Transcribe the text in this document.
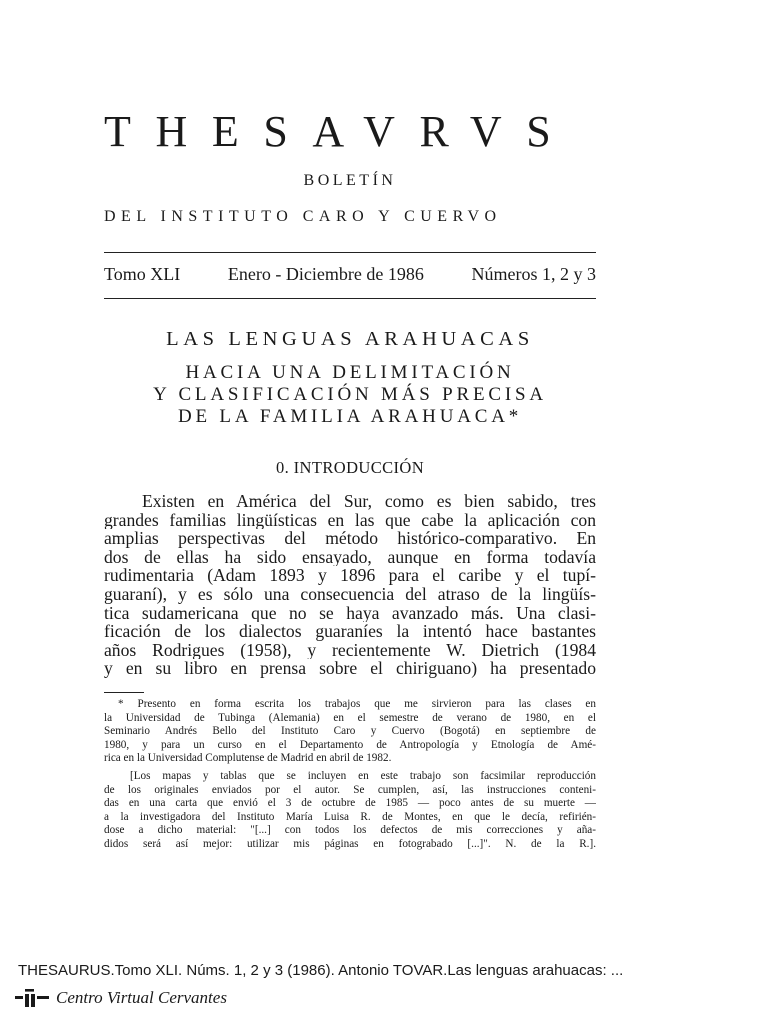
THESAVRVS
BOLETÍN
DEL INSTITUTO CARO Y CUERVO
Tomo XLI	Enero - Diciembre de 1986	Números 1, 2 y 3
LAS LENGUAS ARAHUACAS
HACIA UNA DELIMITACIÓN
Y CLASIFICACIÓN MÁS PRECISA
DE LA FAMILIA ARAHUACA*
0. INTRODUCCIÓN
Existen en América del Sur, como es bien sabido, tres
grandes familias lingüísticas en las que cabe la aplicación con
amplias perspectivas del método histórico-comparativo. En
dos de ellas ha sido ensayado, aunque en forma todavía
rudimentaria (Adam 1893 y 1896 para el caribe y el tupí-
guaraní), y es sólo una consecuencia del atraso de la lingüís-
tica sudamericana que no se haya avanzado más. Una clasi-
ficación de los dialectos guaraníes la intentó hace bastantes
años Rodrigues (1958), y recientemente W. Dietrich (1984
y en su libro en prensa sobre el chiriguano) ha presentado
* Presento en forma escrita los trabajos que me sirvieron para las clases en
la Universidad de Tubinga (Alemania) en el semestre de verano de 1980, en el
Seminario Andrés Bello del Instituto Caro y Cuervo (Bogotá) en septiembre de
1980, y para un curso en el Departamento de Antropología y Etnología de Amé-
rica en la Universidad Complutense de Madrid en abril de 1982.
[Los mapas y tablas que se incluyen en este trabajo son facsimilar reproducción
de los originales enviados por el autor. Se cumplen, así, las instrucciones conteni-
das en una carta que envió el 3 de octubre de 1985 — poco antes de su muerte —
a la investigadora del Instituto María Luisa R. de Montes, en que le decía, refirién-
dose a dicho material: "[...] con todos los defectos de mis correcciones y aña-
didos será así mejor: utilizar mis páginas en fotograbado [...]". N. de la R.].
THESAURUS.Tomo XLI. Núms. 1, 2 y 3 (1986). Antonio TOVAR.Las lenguas arahuacas: ...
Centro Virtual Cervantes
